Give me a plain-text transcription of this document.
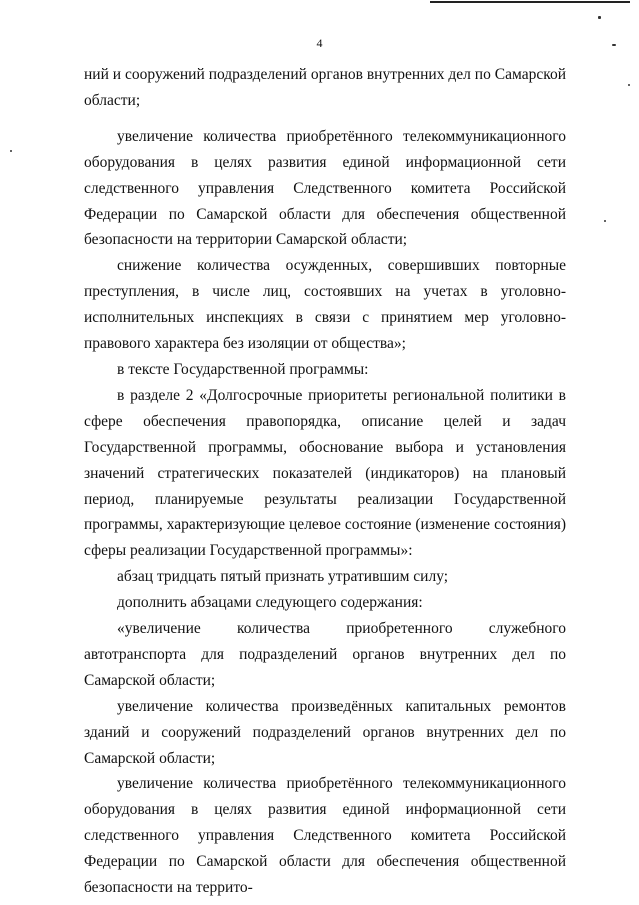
4

ний и сооружений подразделений органов внутренних дел по Самарской области;

увеличение количества приобретённого телекоммуникационного оборудования в целях развития единой информационной сети следственного управления Следственного комитета Российской Федерации по Самарской области для обеспечения общественной безопасности на территории Самарской области;

снижение количества осужденных, совершивших повторные преступления, в числе лиц, состоявших на учетах в уголовно-исполнительных инспекциях в связи с принятием мер уголовно-правового характера без изоляции от общества»;

в тексте Государственной программы:

в разделе 2 «Долгосрочные приоритеты региональной политики в сфере обеспечения правопорядка, описание целей и задач Государственной программы, обоснование выбора и установления значений стратегических показателей (индикаторов) на плановый период, планируемые результаты реализации Государственной программы, характеризующие целевое состояние (изменение состояния) сферы реализации Государственной программы»:

абзац тридцать пятый признать утратившим силу;

дополнить абзацами следующего содержания:

«увеличение количества приобретенного служебного автотранспорта для подразделений органов внутренних дел по Самарской области;

увеличение количества произведённых капитальных ремонтов зданий и сооружений подразделений органов внутренних дел по Самарской области;

увеличение количества приобретённого телекоммуникационного оборудования в целях развития единой информационной сети следственного управления Следственного комитета Российской Федерации по Самарской области для обеспечения общественной безопасности на террито-
